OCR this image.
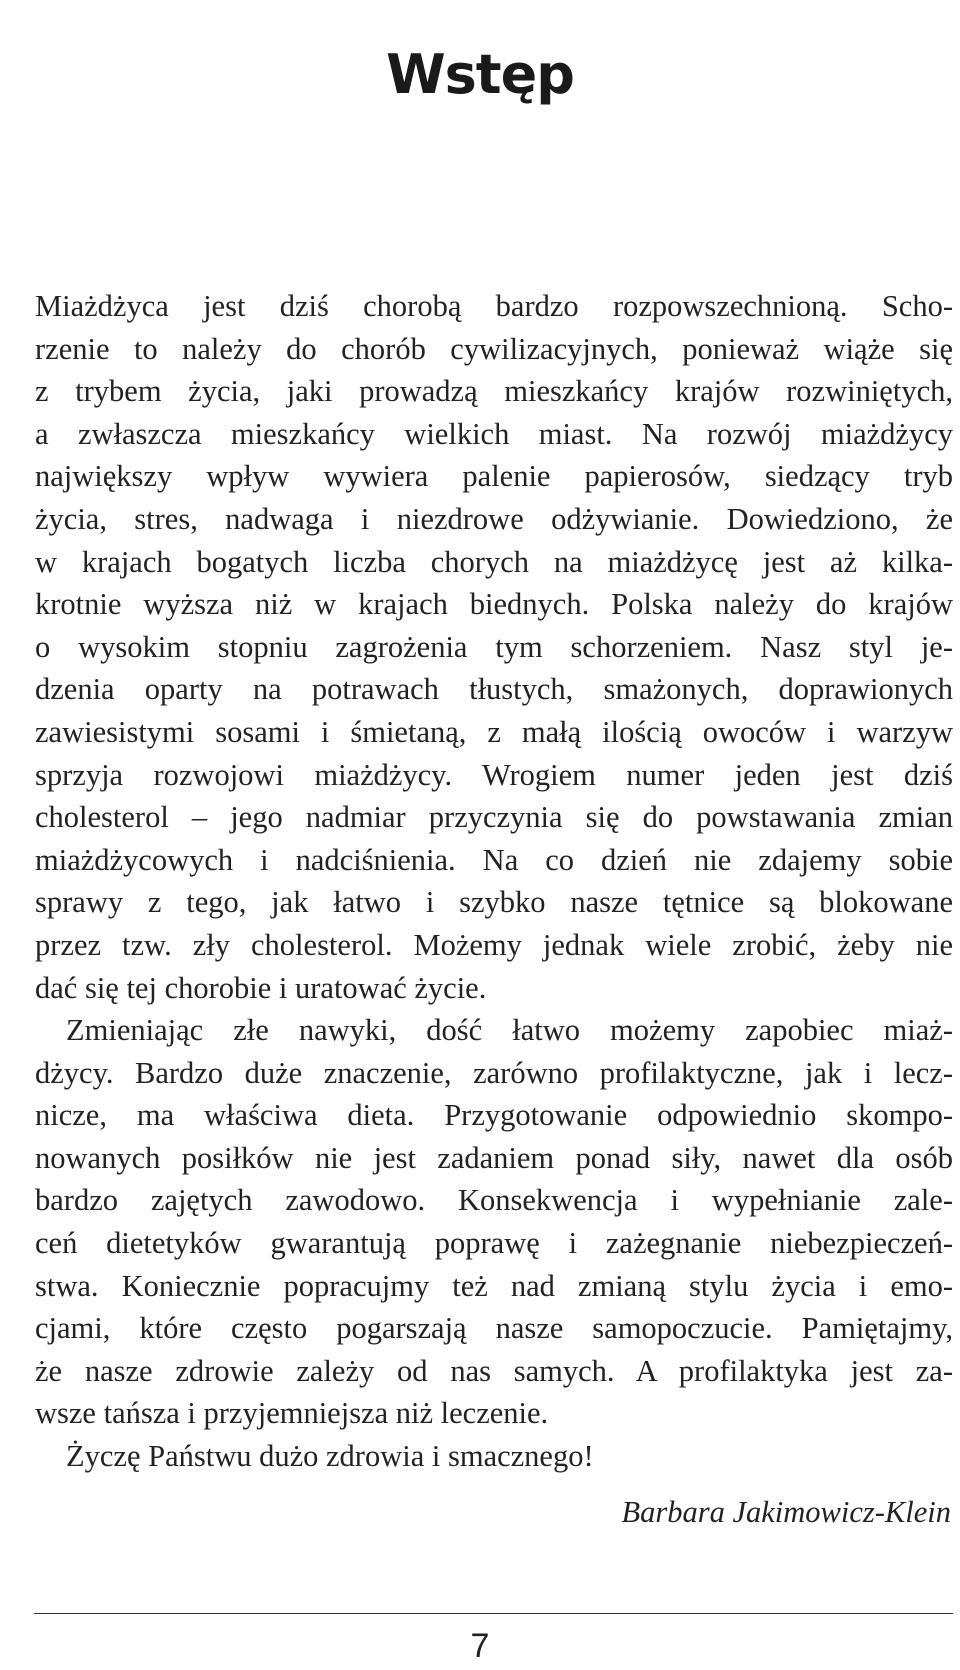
Wstęp
Miażdżyca jest dziś chorobą bardzo rozpowszechnioną. Scho-
rzenie to należy do chorób cywilizacyjnych, ponieważ wiąże się
z trybem życia, jaki prowadzą mieszkańcy krajów rozwiniętych,
a zwłaszcza mieszkańcy wielkich miast. Na rozwój miażdżycy
największy wpływ wywiera palenie papierosów, siedzący tryb
życia, stres, nadwaga i niezdrowe odżywianie. Dowiedziono, że
w krajach bogatych liczba chorych na miażdżycę jest aż kilka-
krotnie wyższa niż w krajach biednych. Polska należy do krajów
o wysokim stopniu zagrożenia tym schorzeniem. Nasz styl je-
dzenia oparty na potrawach tłustych, smażonych, doprawionych
zawiesistymi sosami i śmietaną, z małą ilością owoców i warzyw
sprzyja rozwojowi miażdżycy. Wrogiem numer jeden jest dziś
cholesterol – jego nadmiar przyczynia się do powstawania zmian
miażdżycowych i nadciśnienia. Na co dzień nie zdajemy sobie
sprawy z tego, jak łatwo i szybko nasze tętnice są blokowane
przez tzw. zły cholesterol. Możemy jednak wiele zrobić, żeby nie
dać się tej chorobie i uratować życie.
Zmieniając złe nawyki, dość łatwo możemy zapobiec miaż-
dżycy. Bardzo duże znaczenie, zarówno profilaktyczne, jak i lecz-
nicze, ma właściwa dieta. Przygotowanie odpowiednio skompo-
nowanych posiłków nie jest zadaniem ponad siły, nawet dla osób
bardzo zajętych zawodowo. Konsekwencja i wypełnianie zale-
ceń dietetyków gwarantują poprawę i zażegnanie niebezpieczeń-
stwa. Koniecznie popracujmy też nad zmianą stylu życia i emo-
cjami, które często pogarszają nasze samopoczucie. Pamiętajmy,
że nasze zdrowie zależy od nas samych. A profilaktyka jest za-
wsze tańsza i przyjemniejsza niż leczenie.
Życzę Państwu dużo zdrowia i smacznego!
Barbara Jakimowicz-Klein
7
